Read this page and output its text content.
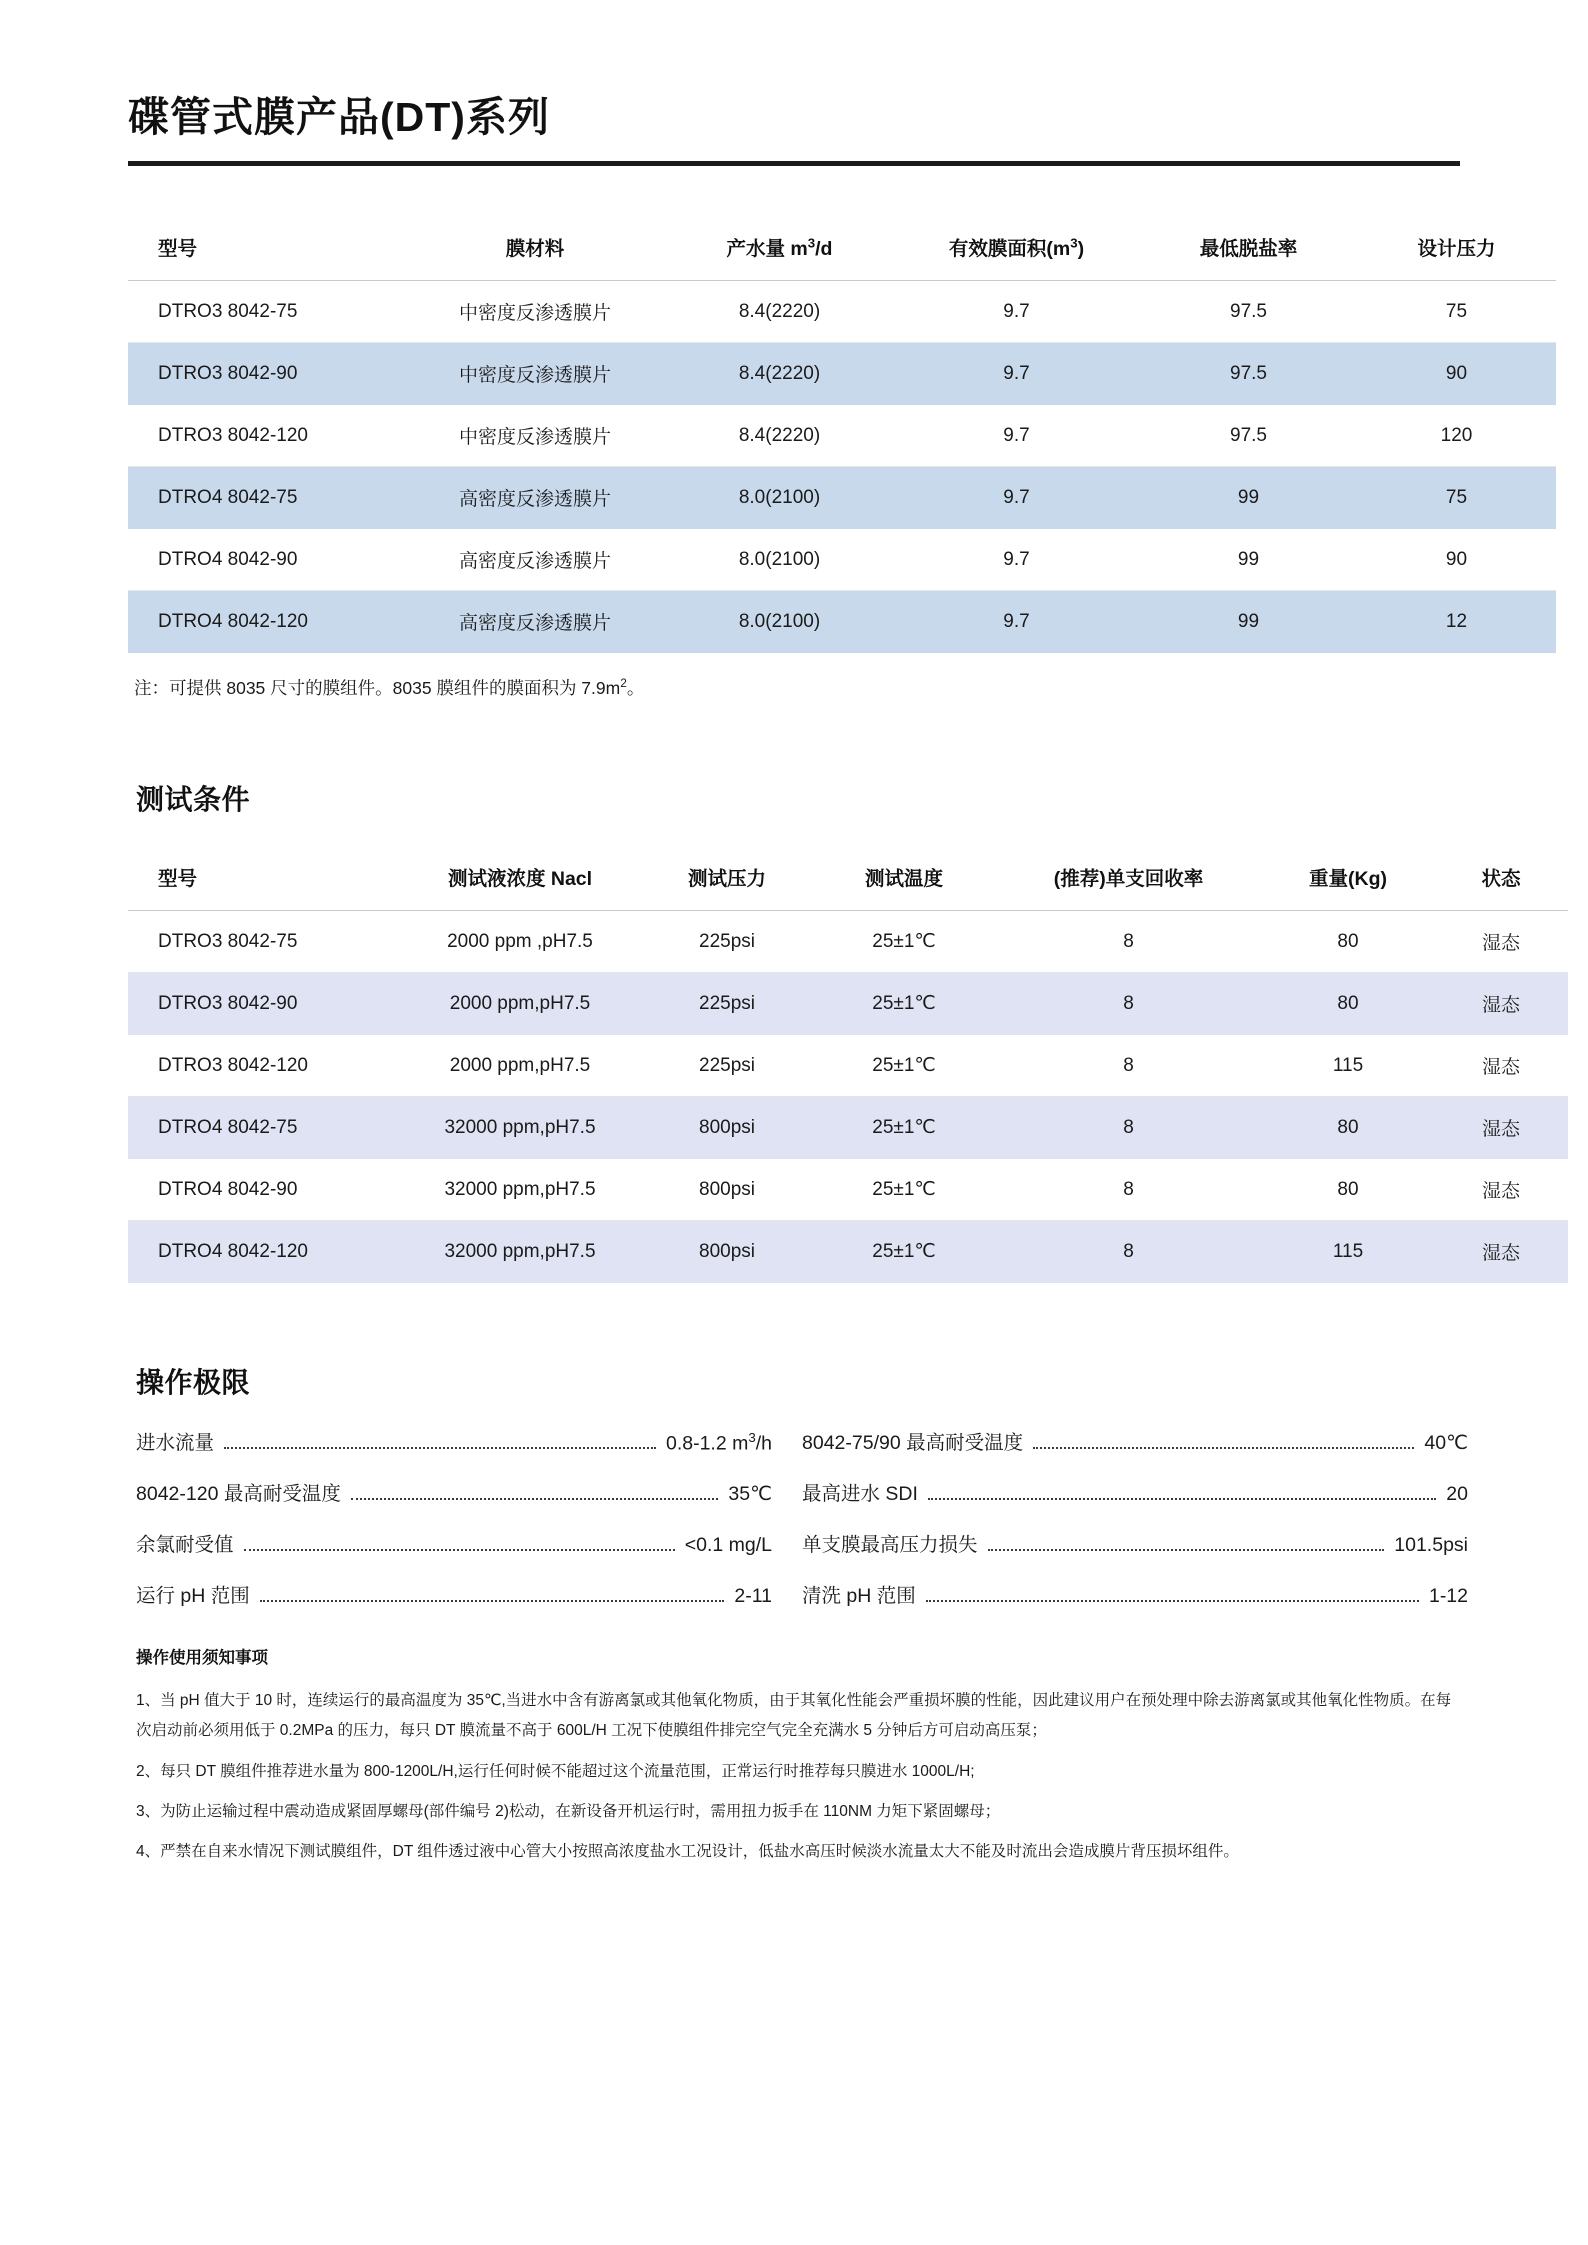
碟管式膜产品(DT)系列
型号	膜材料	产水量 $m^3/d$	有效膜面积$(m^3)$	最低脱盐率	设计压力
DTRO3 8042-75	中密度反渗透膜片	8.4(2220)	9.7	97.5	75
DTRO3 8042-90	中密度反渗透膜片	8.4(2220)	9.7	97.5	90
DTRO3 8042-120	中密度反渗透膜片	8.4(2220)	9.7	97.5	120
DTRO4 8042-75	高密度反渗透膜片	8.0(2100)	9.7	99	75
DTRO4 8042-90	高密度反渗透膜片	8.0(2100)	9.7	99	90
DTRO4 8042-120	高密度反渗透膜片	8.0(2100)	9.7	99	12

注：可提供 8035 尺寸的膜组件。8035 膜组件的膜面积为 $7.9m^2$。

测试条件
型号	测试液浓度 Nacl	测试压力	测试温度	(推荐)单支回收率	重量(Kg)	状态
DTRO3 8042-75	2000 ppm ,pH7.5	225psi	25±1℃	8	80	湿态
DTRO3 8042-90	2000 ppm,pH7.5	225psi	25±1℃	8	80	湿态
DTRO3 8042-120	2000 ppm,pH7.5	225psi	25±1℃	8	115	湿态
DTRO4 8042-75	32000 ppm,pH7.5	800psi	25±1℃	8	80	湿态
DTRO4 8042-90	32000 ppm,pH7.5	800psi	25±1℃	8	80	湿态
DTRO4 8042-120	32000 ppm,pH7.5	800psi	25±1℃	8	115	湿态
操作极限
进水流量	0.8-1.2 $m^3/h$	8042-75/90 最高耐受温度	40℃
8042-120 最高耐受温度	35℃	最高进水 SDI	20
余氯耐受值	<0.1 mg/L	单支膜最高压力损失	101.5psi
运行 pH 范围	2-11	清洗 pH 范围	1-12
操作使用须知事项

1、当 pH 值大于 10 时，连续运行的最高温度为 35℃,当进水中含有游离氯或其他氧化物质，由于其氧化性能会严重损坏膜的性能，因此建议用户在预处理中除去游离氯或其他氧化性物质。在每次启动前必须用低于 0.2MPa 的压力，每只 DT 膜流量不高于 600L/H 工况下使膜组件排完空气完全充满水 5 分钟后方可启动高压泵；

2、每只 DT 膜组件推荐进水量为 800-1200L/H,运行任何时候不能超过这个流量范围，正常运行时推荐每只膜进水 1000L/H;

3、为防止运输过程中震动造成紧固厚螺母(部件编号 2)松动，在新设备开机运行时，需用扭力扳手在 110NM 力矩下紧固螺母；

4、严禁在自来水情况下测试膜组件，DT 组件透过液中心管大小按照高浓度盐水工况设计，低盐水高压时候淡水流量太大不能及时流出会造成膜片背压损坏组件。
